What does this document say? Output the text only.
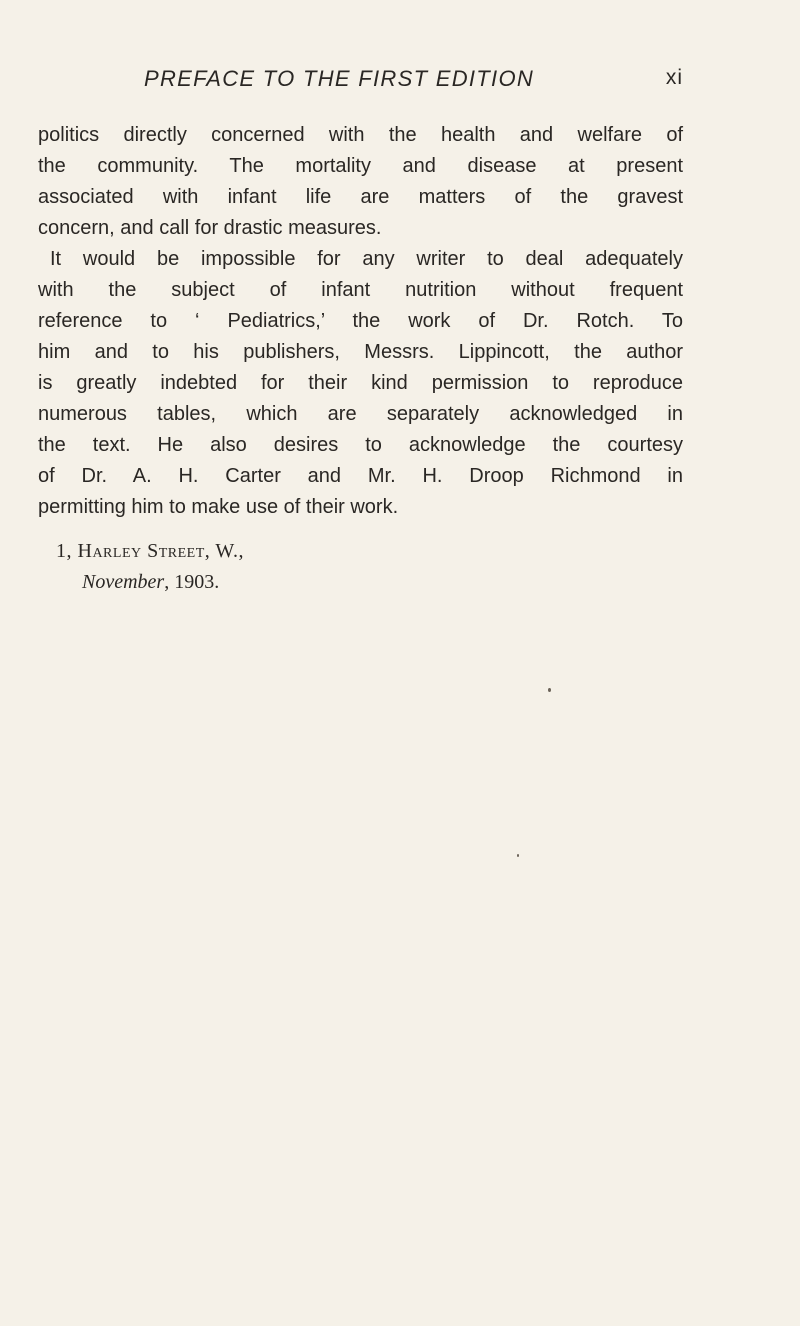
PREFACE TO THE FIRST EDITION	xi
politics directly concerned with the health and welfare of
the community. The mortality and disease at present
associated with infant life are matters of the gravest
concern, and call for drastic measures.
It would be impossible for any writer to deal adequately
with the subject of infant nutrition without frequent
reference to ‘ Pediatrics,’ the work of Dr. Rotch. To
him and to his publishers, Messrs. Lippincott, the author
is greatly indebted for their kind permission to reproduce
numerous tables, which are separately acknowledged in
the text. He also desires to acknowledge the courtesy
of Dr. A. H. Carter and Mr. H. Droop Richmond in
permitting him to make use of their work.
1, Harley Street, W.,
November, 1903.
